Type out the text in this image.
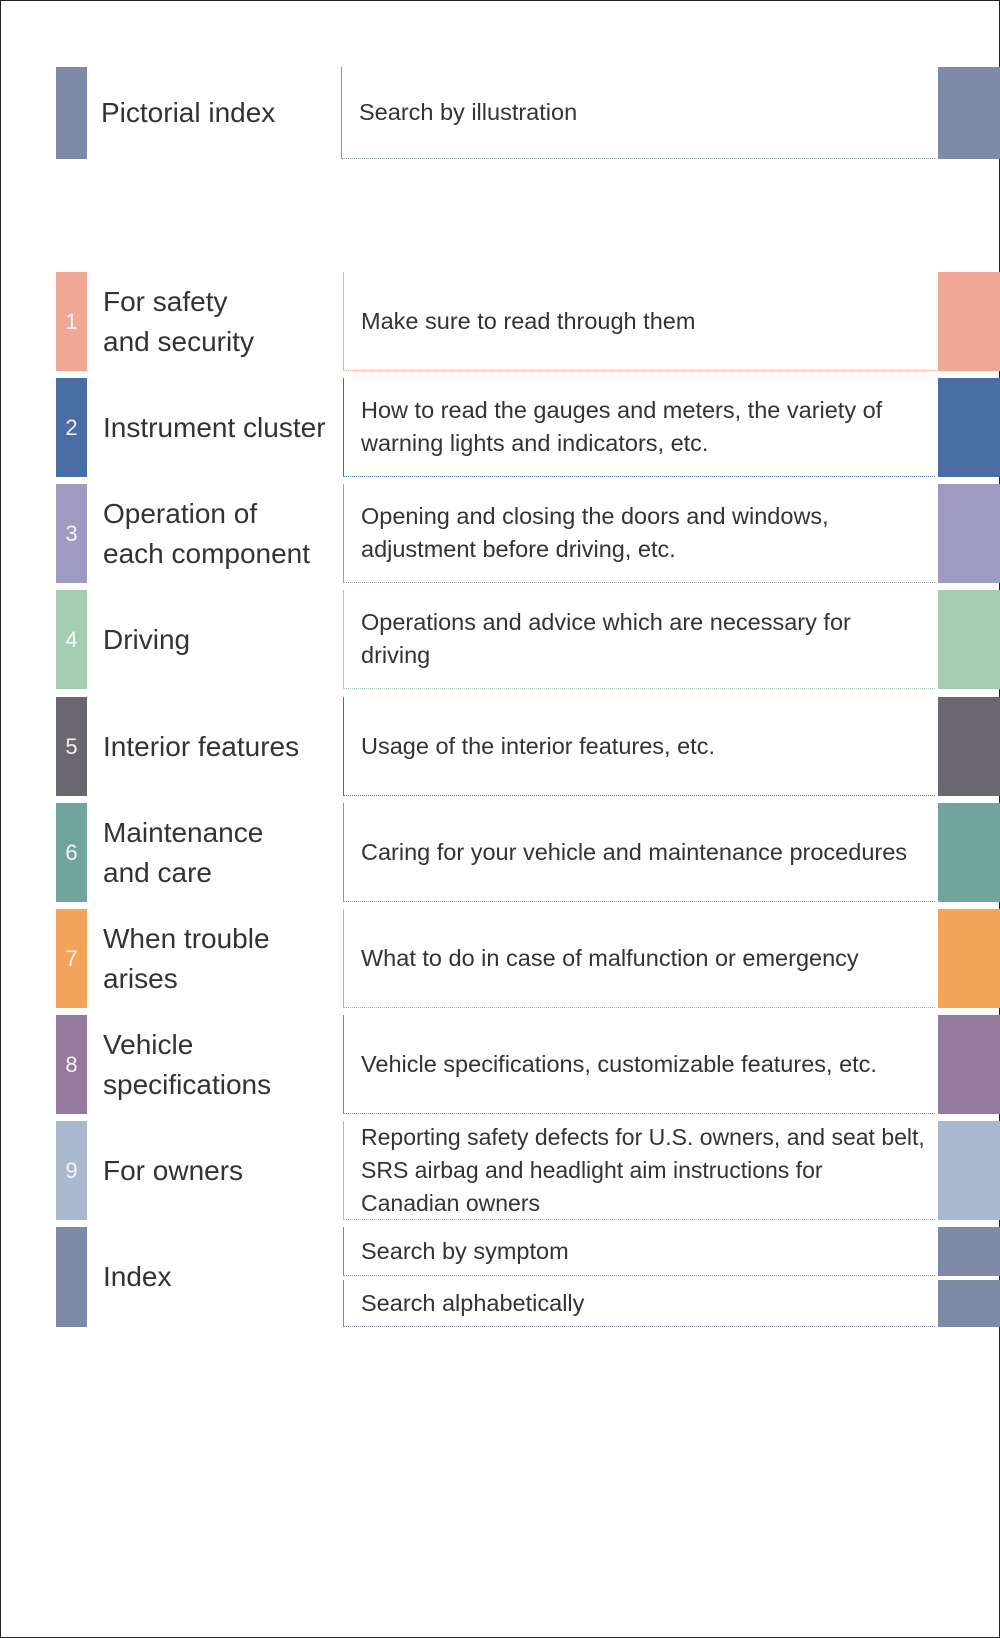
Pictorial index	Search by illustration
1
For safety
and security
Make sure to read through them
2 Instrument cluster
How to read the gauges and meters, the variety of warning lights and indicators, etc.
3
Operation of
each component
Opening and closing the doors and windows, adjustment before driving, etc.
4 Driving
Operations and advice which are necessary for driving
5 Interior features	Usage of the interior features, etc.
6
Maintenance
and care
Caring for your vehicle and maintenance procedures
7
When trouble
arises
What to do in case of malfunction or emergency
8
Vehicle
specifications
Vehicle specifications, customizable features, etc.
9 For owners
Reporting safety defects for U.S. owners, and seat belt, SRS airbag and headlight aim instructions for Canadian owners
Index
Search by symptom
Search alphabetically
